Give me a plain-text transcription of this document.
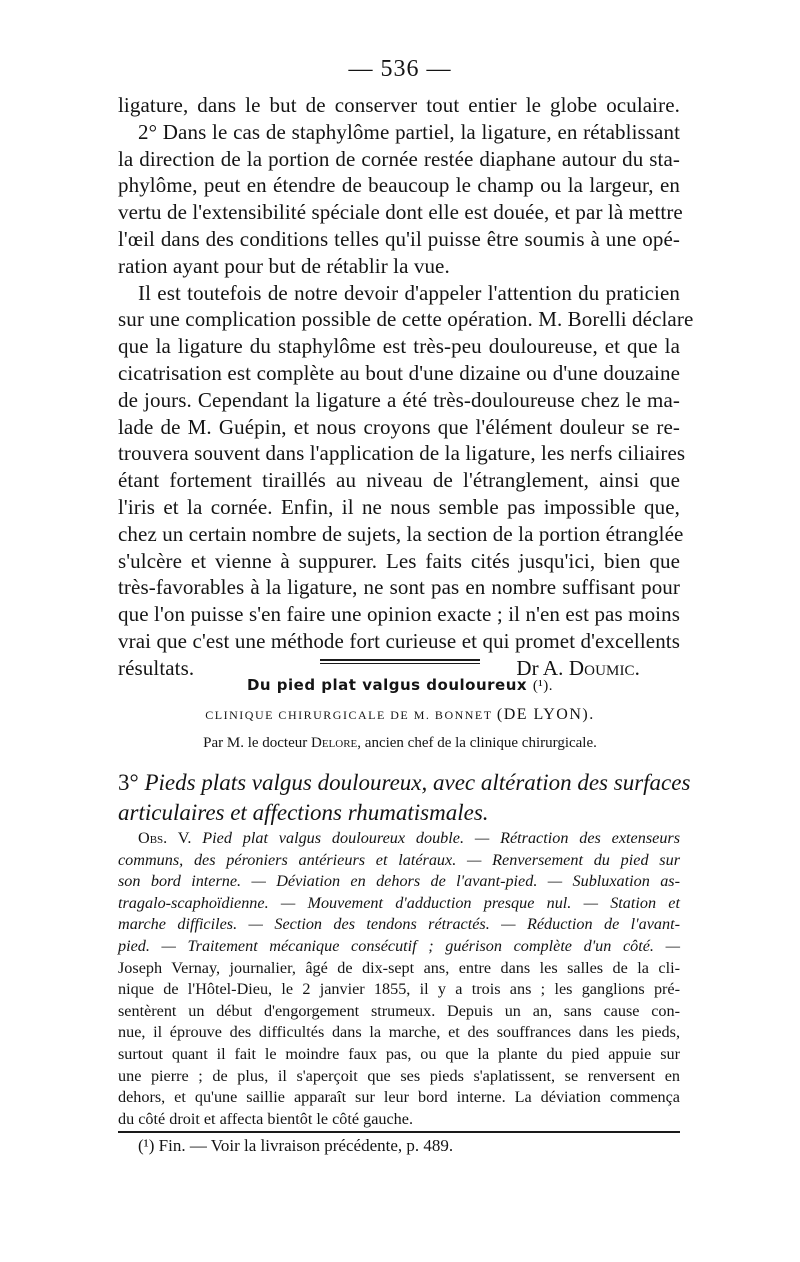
— 536 —
ligature, dans le but de conserver tout entier le globe oculaire.
2° Dans le cas de staphylôme partiel, la ligature, en rétablissant
la direction de la portion de cornée restée diaphane autour du sta-
phylôme, peut en étendre de beaucoup le champ ou la largeur, en
vertu de l'extensibilité spéciale dont elle est douée, et par là mettre
l'œil dans des conditions telles qu'il puisse être soumis à une opé-
ration ayant pour but de rétablir la vue.
Il est toutefois de notre devoir d'appeler l'attention du praticien
sur une complication possible de cette opération. M. Borelli déclare
que la ligature du staphylôme est très-peu douloureuse, et que la
cicatrisation est complète au bout d'une dizaine ou d'une douzaine
de jours. Cependant la ligature a été très-douloureuse chez le ma-
lade de M. Guépin, et nous croyons que l'élément douleur se re-
trouvera souvent dans l'application de la ligature, les nerfs ciliaires
étant fortement tiraillés au niveau de l'étranglement, ainsi que
l'iris et la cornée. Enfin, il ne nous semble pas impossible que,
chez un certain nombre de sujets, la section de la portion étranglée
s'ulcère et vienne à suppurer. Les faits cités jusqu'ici, bien que
très-favorables à la ligature, ne sont pas en nombre suffisant pour
que l'on puisse s'en faire une opinion exacte ; il n'en est pas moins
vrai que c'est une méthode fort curieuse et qui promet d'excellents
résultats.	Dr A. Doumic.
Du pied plat valgus douloureux (¹).
CLINIQUE CHIRURGICALE DE M. BONNET (DE LYON).
Par M. le docteur Delore, ancien chef de la clinique chirurgicale.
3° Pieds plats valgus douloureux, avec altération des surfaces
articulaires et affections rhumatismales.
Obs. V. Pied plat valgus douloureux double. — Rétraction des extenseurs
communs, des péroniers antérieurs et latéraux. — Renversement du pied sur
son bord interne. — Déviation en dehors de l'avant-pied. — Subluxation as-
tragalo-scaphoïdienne. — Mouvement d'adduction presque nul. — Station et
marche difficiles. — Section des tendons rétractés. — Réduction de l'avant-
pied. — Traitement mécanique consécutif ; guérison complète d'un côté. —
Joseph Vernay, journalier, âgé de dix-sept ans, entre dans les salles de la cli-
nique de l'Hôtel-Dieu, le 2 janvier 1855, il y a trois ans ; les ganglions pré-
sentèrent un début d'engorgement strumeux. Depuis un an, sans cause con-
nue, il éprouve des difficultés dans la marche, et des souffrances dans les pieds,
surtout quant il fait le moindre faux pas, ou que la plante du pied appuie sur
une pierre ; de plus, il s'aperçoit que ses pieds s'aplatissent, se renversent en
dehors, et qu'une saillie apparaît sur leur bord interne. La déviation commença
du côté droit et affecta bientôt le côté gauche.
(¹) Fin. — Voir la livraison précédente, p. 489.
